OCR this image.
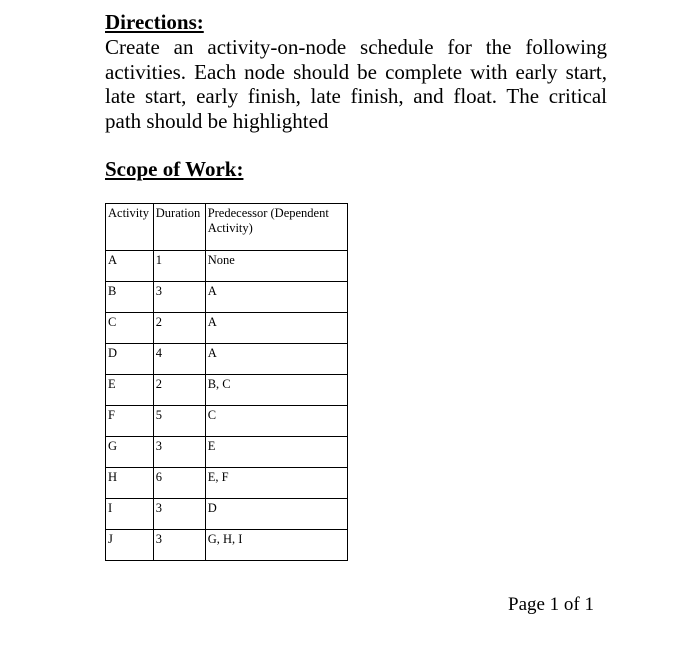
Directions:

Create an activity-on-node schedule for the following activities. Each node should be complete with early start, late start, early finish, late finish, and float. The critical path should be highlighted

Scope of Work:
Activity	Duration	Predecessor (Dependent Activity)
A	1	None
B	3	A
C	2	A
D	4	A
E	2	B, C
F	5	C
G	3	E
H	6	E, F
I	3	D
J	3	G, H, I

Page 1 of 1
